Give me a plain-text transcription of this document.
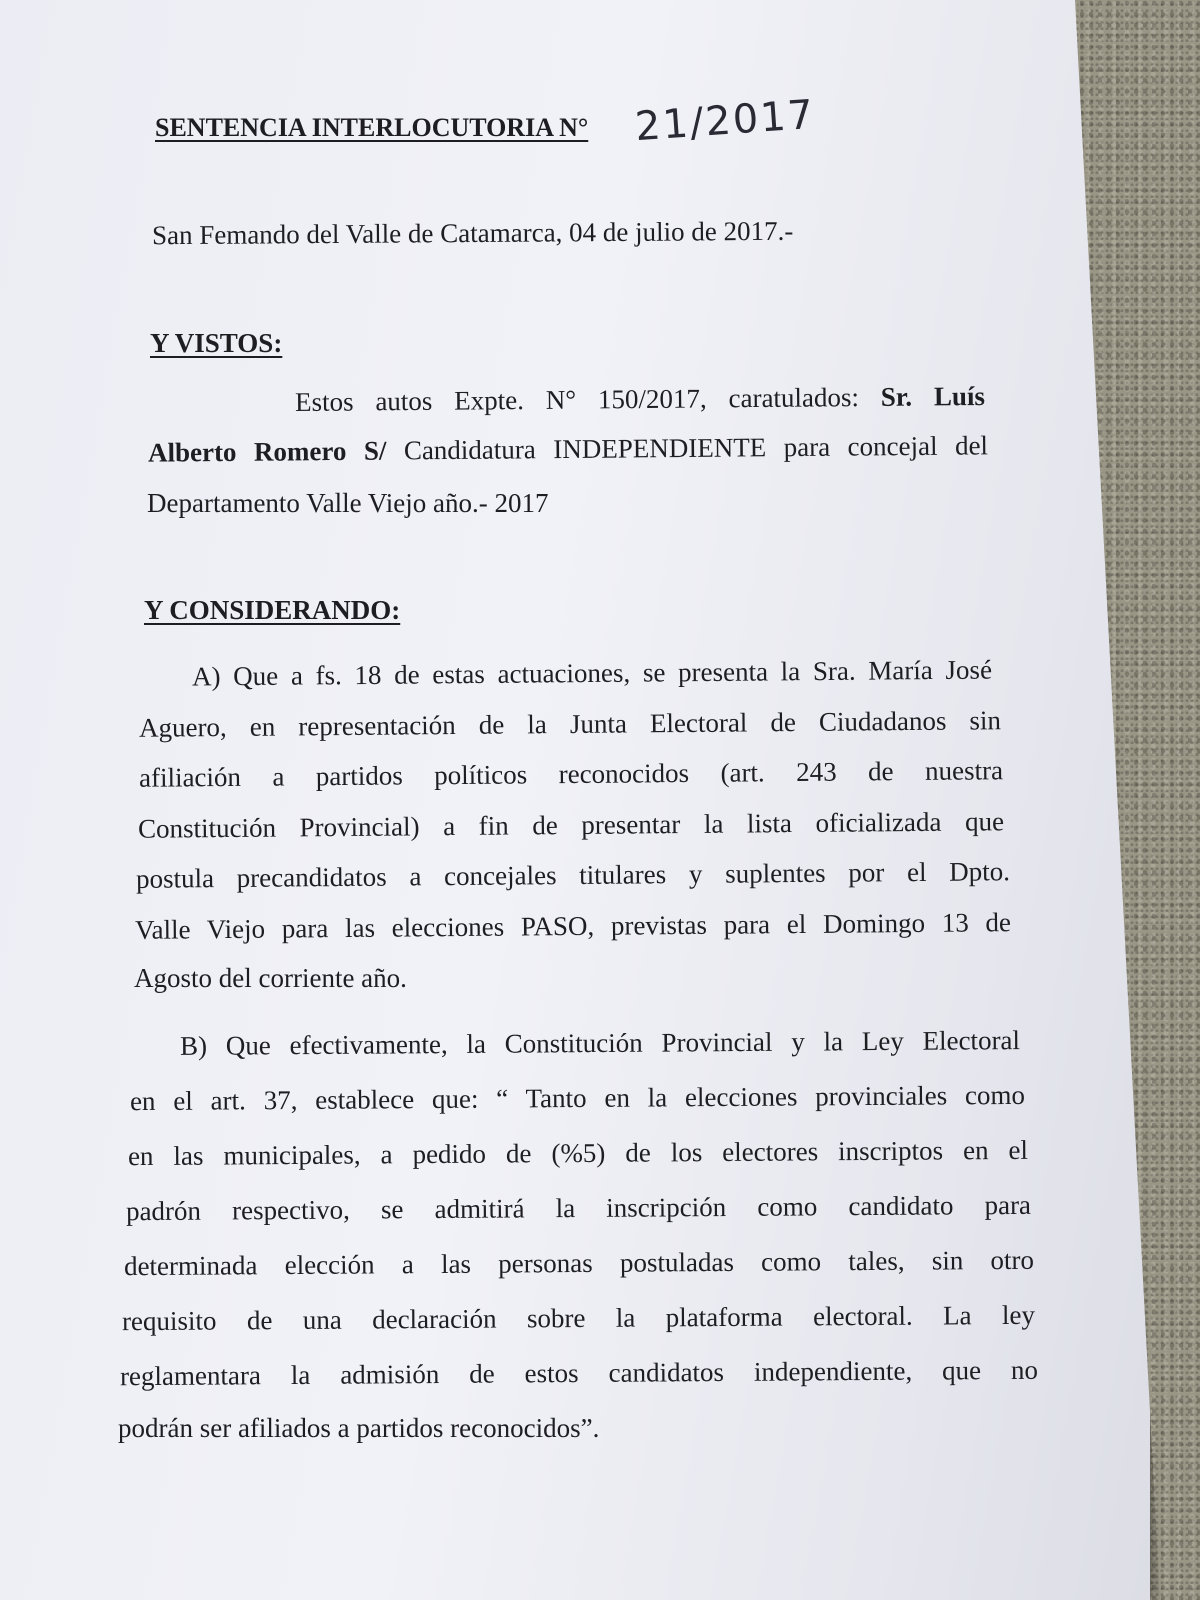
SENTENCIA INTERLOCUTORIA N° 21/2017
San Femando del Valle de Catamarca, 04 de julio de 2017.-
Y VISTOS:
Estos autos Expte. N° 150/2017, caratulados: Sr. Luís
Alberto Romero S/ Candidatura INDEPENDIENTE para concejal del
Departamento Valle Viejo año.- 2017
Y CONSIDERANDO:
A) Que a fs. 18 de estas actuaciones, se presenta la Sra. María José
Aguero, en representación de la Junta Electoral de Ciudadanos sin
afiliación a partidos políticos reconocidos (art. 243 de nuestra
Constitución Provincial) a fin de presentar la lista oficializada que
postula precandidatos a concejales titulares y suplentes por el Dpto.
Valle Viejo para las elecciones PASO, previstas para el Domingo 13 de
Agosto del corriente año.
B) Que efectivamente, la Constitución Provincial y la Ley Electoral
en el art. 37, establece que: “ Tanto en la elecciones provinciales como
en las municipales, a pedido de (%5) de los electores inscriptos en el
padrón respectivo, se admitirá la inscripción como candidato para
determinada elección a las personas postuladas como tales, sin otro
requisito de una declaración sobre la plataforma electoral. La ley
reglamentara la admisión de estos candidatos independiente, que no
podrán ser afiliados a partidos reconocidos”.
